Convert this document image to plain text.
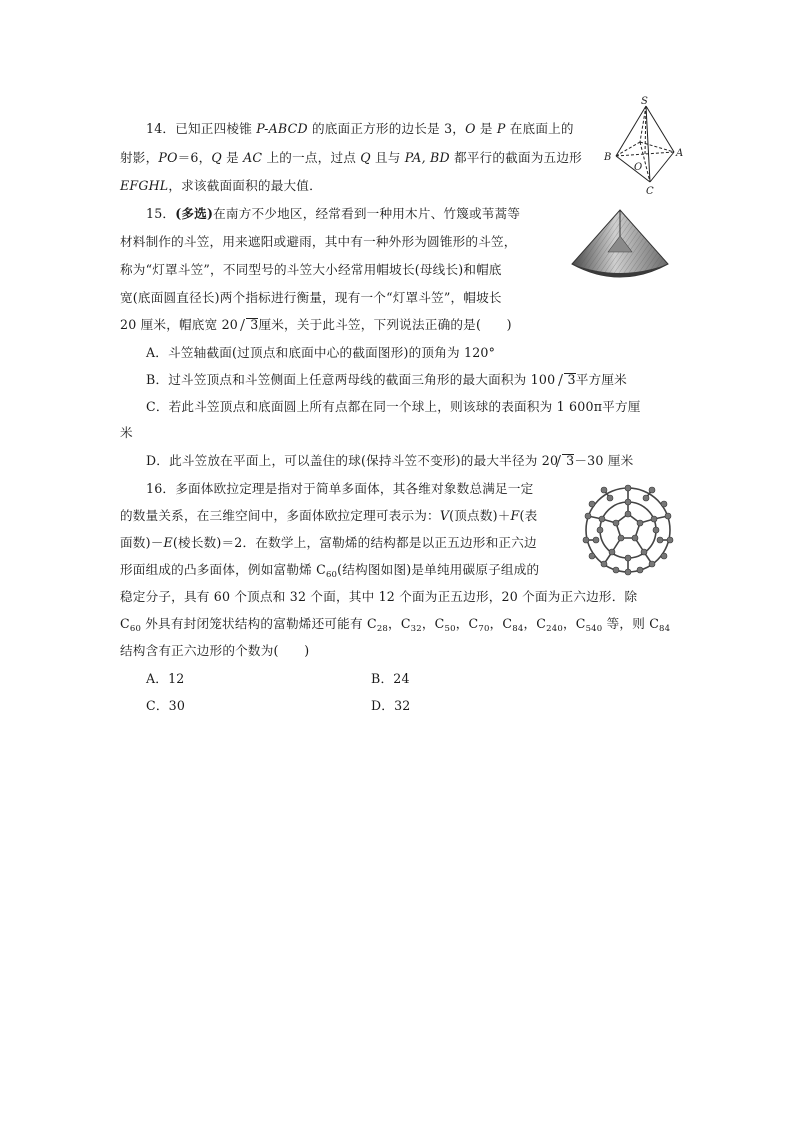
14．已知正四棱锥 P-ABCD 的底面正方形的边长是 3，O 是 P 在底面上的
射影，PO＝6，Q 是 AC 上的一点，过点 Q 且与 PA, BD 都平行的截面为五边形
EFGHL，求该截面面积的最大值．
S
B	A
O
C
15．(多选)在南方不少地区，经常看到一种用木片、竹篾或苇蒿等
材料制作的斗笠，用来遮阳或避雨，其中有一种外形为圆锥形的斗笠，
称为“灯罩斗笠”，不同型号的斗笠大小经常用帽坡长(母线长)和帽底
宽(底面圆直径长)两个指标进行衡量，现有一个“灯罩斗笠”，帽坡长
20 厘米，帽底宽 20 3厘米，关于此斗笠，下列说法正确的是(　　)
A．斗笠轴截面(过顶点和底面中心的截面图形)的顶角为 120°
B．过斗笠顶点和斗笠侧面上任意两母线的截面三角形的最大面积为 100 3平方厘米
C．若此斗笠顶点和底面圆上所有点都在同一个球上，则该球的表面积为 1 600π平方厘
米
D．此斗笠放在平面上，可以盖住的球(保持斗笠不变形)的最大半径为 20 3－30 厘米
16．多面体欧拉定理是指对于简单多面体，其各维对象数总满足一定
的数量关系，在三维空间中，多面体欧拉定理可表示为：V(顶点数)＋F(表
面数)－E(棱长数)＝2．在数学上，富勒烯的结构都是以正五边形和正六边
形面组成的凸多面体，例如富勒烯 $C_{60}$(结构图如图)是单纯用碳原子组成的
稳定分子，具有 60 个顶点和 32 个面，其中 12 个面为正五边形，20 个面为正六边形．除
$C_{60}$ 外具有封闭笼状结构的富勒烯还可能有 $C_{28}$，$C_{32}$，$C_{50}$，$C_{70}$，$C_{84}$，$C_{240}$，$C_{540}$ 等，则 $C_{84}$
结构含有正六边形的个数为(　　)
A．12	B．24
C．30	D．32
